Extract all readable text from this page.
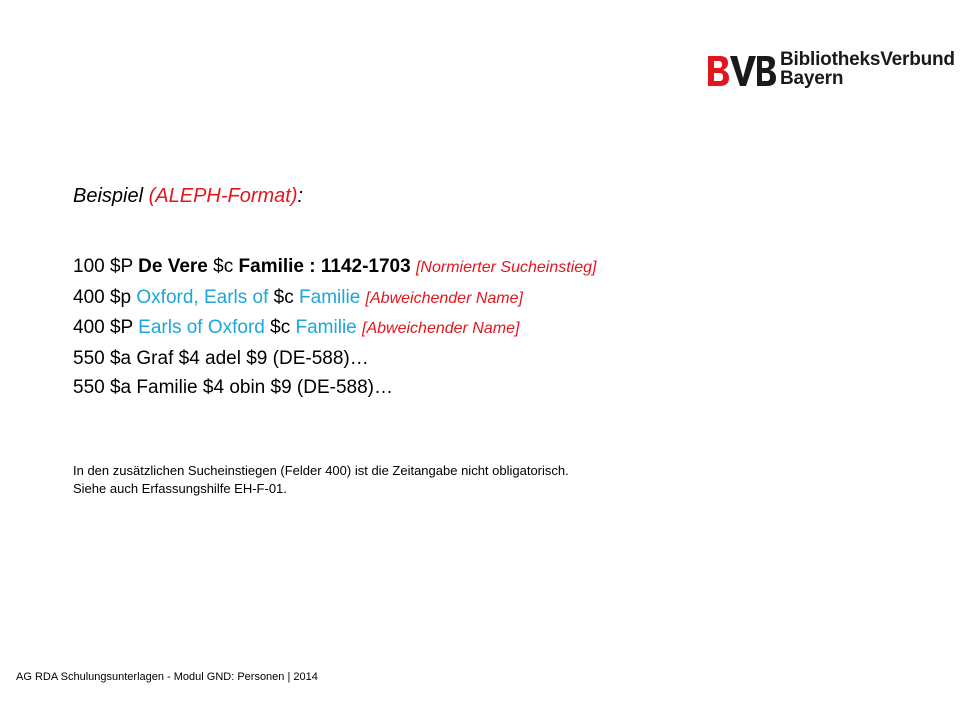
BibliotheksVerbund
Bayern
Beispiel (ALEPH-Format):
100 $P De Vere $c Familie : 1142-1703 [Normierter Sucheinstieg]
400 $p Oxford, Earls of $c Familie [Abweichender Name]
400 $P Earls of Oxford $c Familie [Abweichender Name]
550 $a Graf $4 adel $9 (DE-588)…
550 $a Familie $4 obin $9 (DE-588)…
In den zusätzlichen Sucheinstiegen (Felder 400) ist die Zeitangabe nicht obligatorisch.
Siehe auch Erfassungshilfe EH-F-01.
AG RDA Schulungsunterlagen - Modul GND: Personen | 2014
